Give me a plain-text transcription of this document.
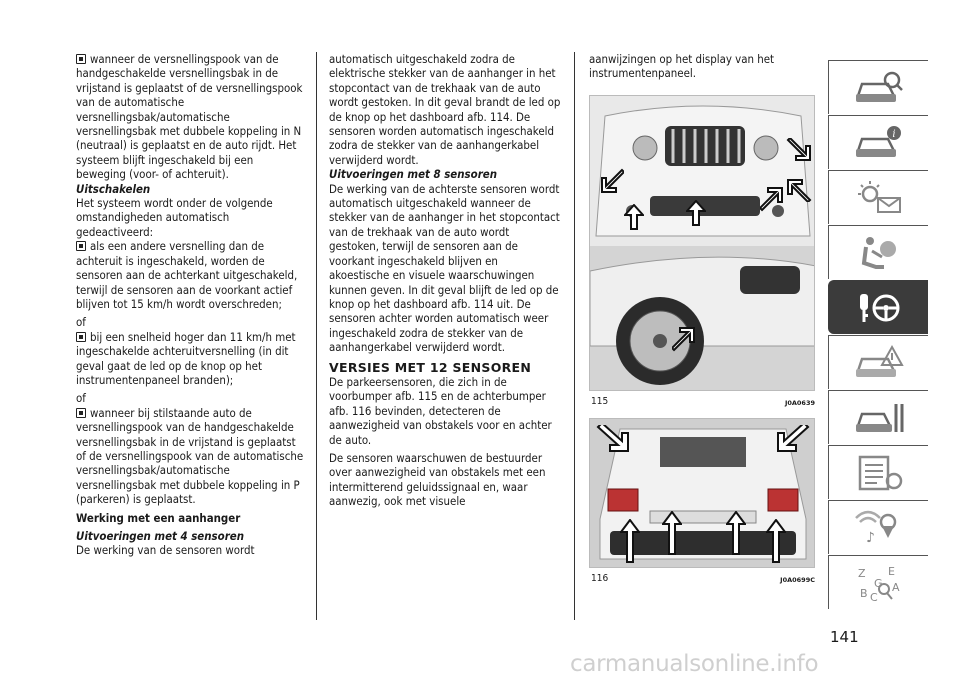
wanneer de versnellingspook van de handgeschakelde versnellingsbak in de vrijstand is geplaatst of de versnellingspook van de automatische versnellingsbak/automatische versnellingsbak met dubbele koppeling in N (neutraal) is geplaatst en de auto rijdt. Het systeem blijft ingeschakeld bij een beweging (voor- of achteruit).

Uitschakelen

Het systeem wordt onder de volgende omstandigheden automatisch gedeactiveerd:

als een andere versnelling dan de achteruit is ingeschakeld, worden de sensoren aan de achterkant uitgeschakeld, terwijl de sensoren aan de voorkant actief blijven tot 15 km/h wordt overschreden;

of

bij een snelheid hoger dan 11 km/h met ingeschakelde achteruitversnelling (in dit geval gaat de led op de knop op het instrumentenpaneel branden);

of

wanneer bij stilstaande auto de versnellingspook van de handgeschakelde versnellingsbak in de vrijstand is geplaatst of de versnellingspook van de automatische versnellingsbak/automatische versnellingsbak met dubbele koppeling in P (parkeren) is geplaatst.

Werking met een aanhanger

Uitvoeringen met 4 sensoren

De werking van de sensoren wordt

automatisch uitgeschakeld zodra de elektrische stekker van de aanhanger in het stopcontact van de trekhaak van de auto wordt gestoken. In dit geval brandt de led op de knop op het dashboard afb. 114. De sensoren worden automatisch ingeschakeld zodra de stekker van de aanhangerkabel verwijderd wordt.

Uitvoeringen met 8 sensoren

De werking van de achterste sensoren wordt automatisch uitgeschakeld wanneer de stekker van de aanhanger in het stopcontact van de trekhaak van de auto wordt gestoken, terwijl de sensoren aan de voorkant ingeschakeld blijven en akoestische en visuele waarschuwingen kunnen geven. In dit geval blijft de led op de knop op het dashboard afb. 114 uit. De sensoren achter worden automatisch weer ingeschakeld zodra de stekker van de aanhangerkabel verwijderd wordt.

VERSIES MET 12 SENSOREN

De parkeersensoren, die zich in de voorbumper afb. 115 en de achterbumper afb. 116 bevinden, detecteren de aanwezigheid van obstakels voor en achter de auto.

De sensoren waarschuwen de bestuurder over aanwezigheid van obstakels met een intermitterend geluidssignaal en, waar aanwezig, ook met visuele

aanwijzingen op het display van het instrumentenpaneel.

115	J0A0639
116	J0A0699C
i
♪
Z E
G
B A
C
141
carmanualsonline.info
